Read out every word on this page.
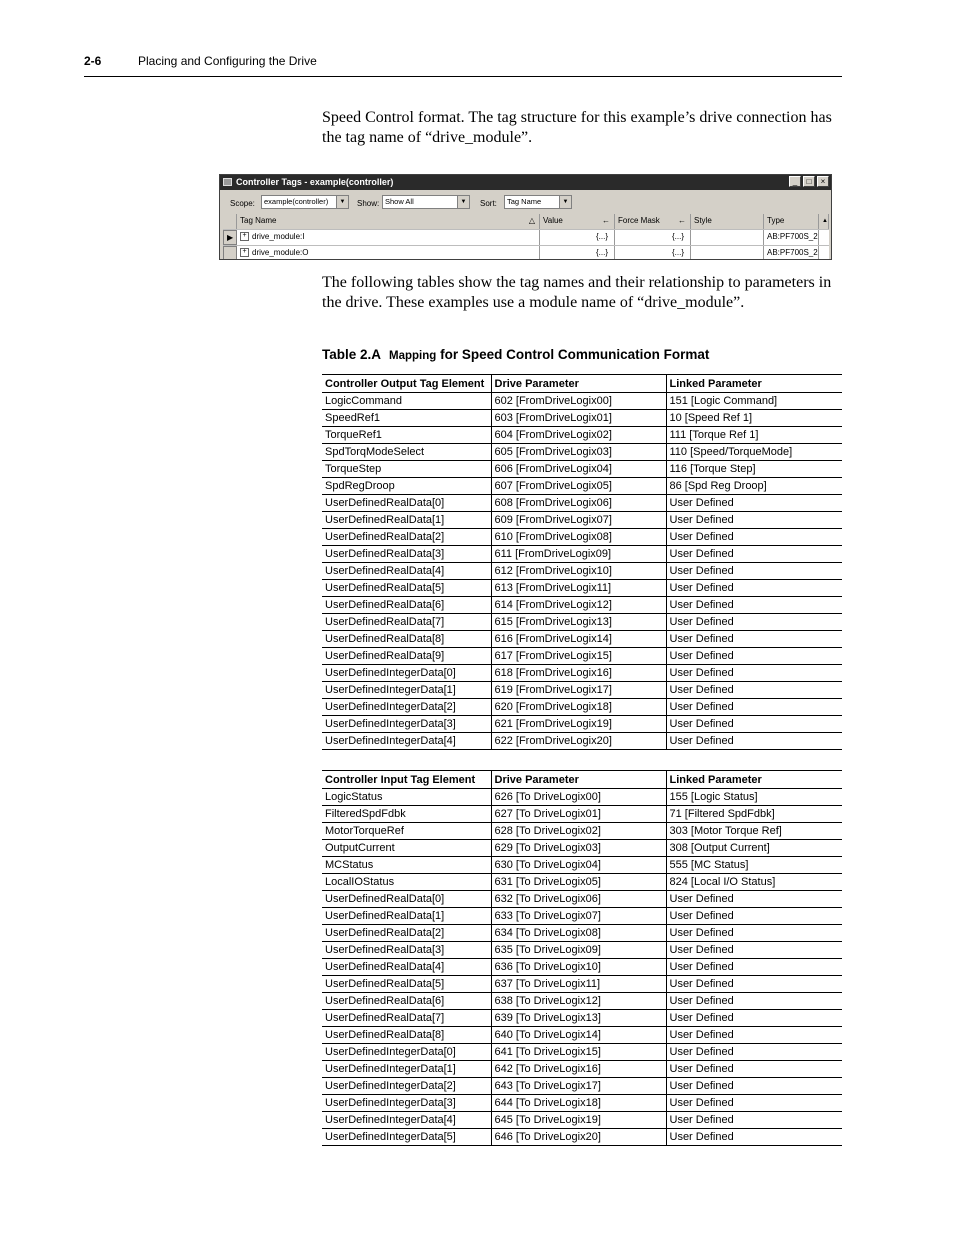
2-6	Placing and Configuring the Drive

Speed Control format. The tag structure for this example’s drive connection has the tag name of “drive_module”.

Controller Tags - example(controller)	_	□	×
Scope:	example(controller)	▼	Show: Show All	▼	Sort:	Tag Name	▼
Tag Name	△	Value	←	Force Mask ←	Style	Type	▲
▶	+ drive_module:I	{...}	{...}	AB:PF700S_2
+ drive_module:O	{...}	{...}	AB:PF700S_2

The following tables show the tag names and their relationship to parameters in the drive. These examples use a module name of “drive_module”.

Table 2.A Mapping for Speed Control Communication Format
Controller Output Tag Element	Drive Parameter	Linked Parameter
LogicCommand	602 [FromDriveLogix00]	151 [Logic Command]
SpeedRef1	603 [FromDriveLogix01]	10 [Speed Ref 1]
TorqueRef1	604 [FromDriveLogix02]	111 [Torque Ref 1]
SpdTorqModeSelect	605 [FromDriveLogix03]	110 [Speed/TorqueMode]
TorqueStep	606 [FromDriveLogix04]	116 [Torque Step]
SpdRegDroop	607 [FromDriveLogix05]	86 [Spd Reg Droop]
UserDefinedRealData[0]	608 [FromDriveLogix06]	User Defined
UserDefinedRealData[1]	609 [FromDriveLogix07]	User Defined
UserDefinedRealData[2]	610 [FromDriveLogix08]	User Defined
UserDefinedRealData[3]	611 [FromDriveLogix09]	User Defined
UserDefinedRealData[4]	612 [FromDriveLogix10]	User Defined
UserDefinedRealData[5]	613 [FromDriveLogix11]	User Defined
UserDefinedRealData[6]	614 [FromDriveLogix12]	User Defined
UserDefinedRealData[7]	615 [FromDriveLogix13]	User Defined
UserDefinedRealData[8]	616 [FromDriveLogix14]	User Defined
UserDefinedRealData[9]	617 [FromDriveLogix15]	User Defined
UserDefinedIntegerData[0]	618 [FromDriveLogix16]	User Defined
UserDefinedIntegerData[1]	619 [FromDriveLogix17]	User Defined
UserDefinedIntegerData[2]	620 [FromDriveLogix18]	User Defined
UserDefinedIntegerData[3]	621 [FromDriveLogix19]	User Defined
UserDefinedIntegerData[4]	622 [FromDriveLogix20]	User Defined
Controller Input Tag Element	Drive Parameter	Linked Parameter
LogicStatus	626 [To DriveLogix00]	155 [Logic Status]
FilteredSpdFdbk	627 [To DriveLogix01]	71 [Filtered SpdFdbk]
MotorTorqueRef	628 [To DriveLogix02]	303 [Motor Torque Ref]
OutputCurrent	629 [To DriveLogix03]	308 [Output Current]
MCStatus	630 [To DriveLogix04]	555 [MC Status]
LocalIOStatus	631 [To DriveLogix05]	824 [Local I/O Status]
UserDefinedRealData[0]	632 [To DriveLogix06]	User Defined
UserDefinedRealData[1]	633 [To DriveLogix07]	User Defined
UserDefinedRealData[2]	634 [To DriveLogix08]	User Defined
UserDefinedRealData[3]	635 [To DriveLogix09]	User Defined
UserDefinedRealData[4]	636 [To DriveLogix10]	User Defined
UserDefinedRealData[5]	637 [To DriveLogix11]	User Defined
UserDefinedRealData[6]	638 [To DriveLogix12]	User Defined
UserDefinedRealData[7]	639 [To DriveLogix13]	User Defined
UserDefinedRealData[8]	640 [To DriveLogix14]	User Defined
UserDefinedIntegerData[0]	641 [To DriveLogix15]	User Defined
UserDefinedIntegerData[1]	642 [To DriveLogix16]	User Defined
UserDefinedIntegerData[2]	643 [To DriveLogix17]	User Defined
UserDefinedIntegerData[3]	644 [To DriveLogix18]	User Defined
UserDefinedIntegerData[4]	645 [To DriveLogix19]	User Defined
UserDefinedIntegerData[5]	646 [To DriveLogix20]	User Defined
